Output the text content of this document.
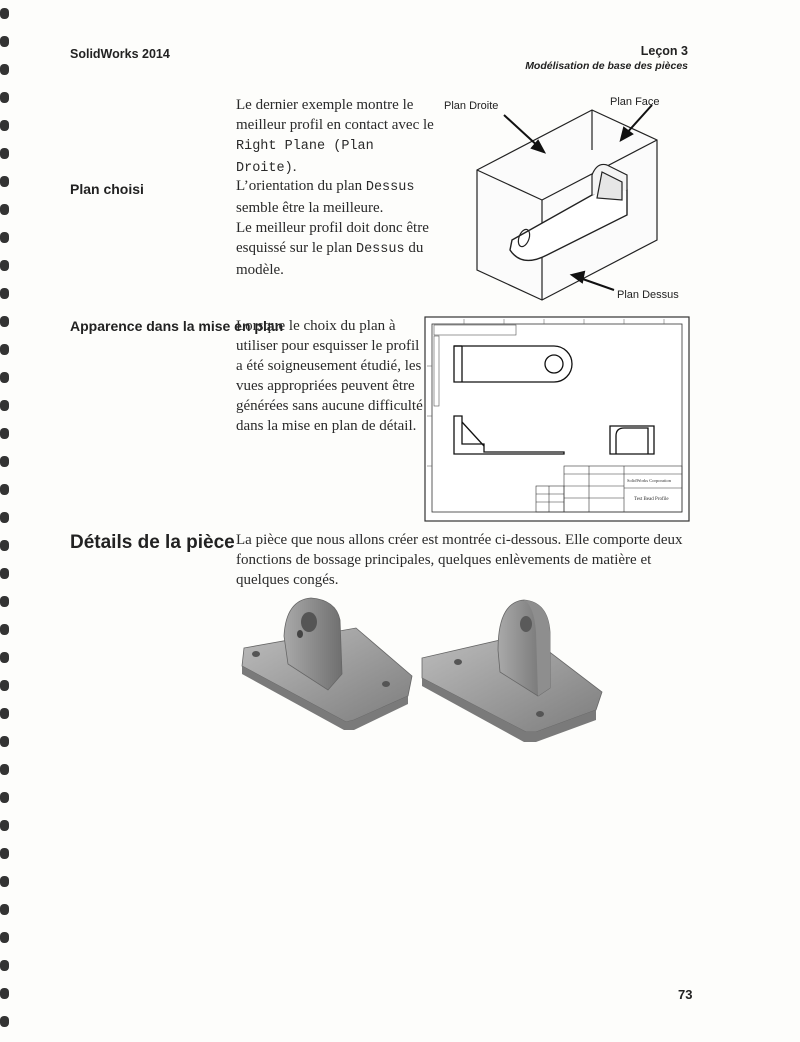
SolidWorks 2014	Leçon 3
Modélisation de base des pièces
Le dernier exemple montre le meilleur profil en contact avec le Right Plane (Plan Droite).
Plan choisi	L’orientation du plan Dessus semble être la meilleure.
Le meilleur profil doit donc être esquissé sur le plan Dessus du modèle.
Plan Droite	Plan Face
Plan Dessus
Apparence dans la mise en plan
Lorsque le choix du plan à utiliser pour esquisser le profil a été soigneusement étudié, les vues appropriées peuvent être générées sans aucune difficulté dans la mise en plan de détail.
SolidWorks Corporation
Test Bead Profile
Détails de la pièce La pièce que nous allons créer est montrée ci-dessous. Elle comporte deux fonctions de bossage principales, quelques enlèvements de matière et quelques congés.
73
